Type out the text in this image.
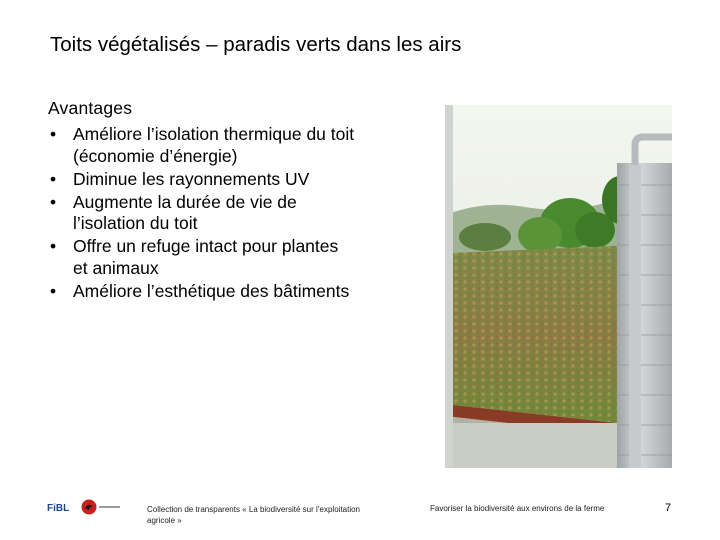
Toits végétalisés – paradis verts dans les airs
Avantages
• Améliore l’isolation thermique du toit
(économie d’énergie)
• Diminue les rayonnements UV
• Augmente la durée de vie de
l’isolation du toit
• Offre un refuge intact pour plantes
et animaux
• Améliore l’esthétique des bâtiments
FiBL	Collection de transparents « La biodiversité sur l’exploitation
agricole »
Favoriser la biodiversité aux environs de la ferme	7
